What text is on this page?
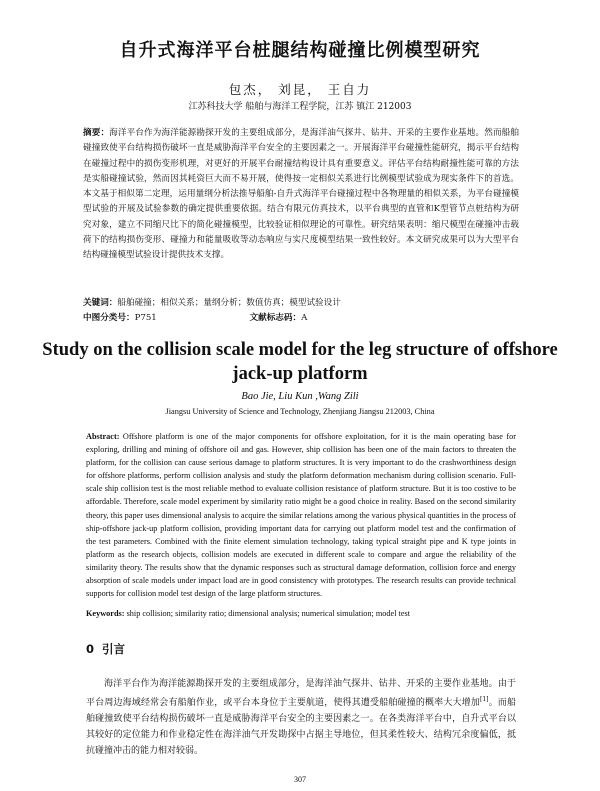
自升式海洋平台桩腿结构碰撞比例模型研究
包杰， 刘昆， 王自力
江苏科技大学 船舶与海洋工程学院，江苏 镇江 212003
摘要：海洋平台作为海洋能源勘探开发的主要组成部分，是海洋油气探井、钻井、开采的主要作业基地。然而船舶碰撞致使平台结构损伤破坏一直是威胁海洋平台安全的主要因素之一。开展海洋平台碰撞性能研究，揭示平台结构在碰撞过程中的损伤变形机理，对更好的开展平台耐撞结构设计具有重要意义。评估平台结构耐撞性能可靠的方法是实船碰撞试验，然而因其耗资巨大而不易开展，使得按一定相似关系进行比例模型试验成为现实条件下的首选。本文基于相似第二定理，运用量纲分析法推导船舶-自升式海洋平台碰撞过程中各物理量的相似关系，为平台碰撞模型试验的开展及试验参数的确定提供重要依据。结合有限元仿真技术，以平台典型的直管和K型管节点桩结构为研究对象，建立不同缩尺比下的简化碰撞模型，比较验证相似理论的可靠性。研究结果表明：缩尺模型在碰撞冲击载荷下的结构损伤变形、碰撞力和能量吸收等动态响应与实尺度模型结果一致性较好。本文研究成果可以为大型平台结构碰撞模型试验设计提供技术支撑。
关键词：船舶碰撞；相似关系；量纲分析；数值仿真；模型试验设计
中图分类号：P751	文献标志码：A
Study on the collision scale model for the leg structure of offshore jack-up platform
Bao Jie, Liu Kun ,Wang Zili
Jiangsu University of Science and Technology, Zhenjiang Jiangsu 212003, China
Abstract: Offshore platform is one of the major components for offshore exploitation, for it is the main operating base for exploring, drilling and mining of offshore oil and gas. However, ship collision has been one of the main factors to threaten the platform, for the collision can cause serious damage to platform structures. It is very important to do the crashworthiness design for offshore platforms, perform collision analysis and study the platform deformation mechanism during collision scenario. Full-scale ship collision test is the most reliable method to evaluate collision resistance of platform structure. But it is too costive to be affordable. Therefore, scale model experiment by similarity ratio might be a good choice in reality. Based on the second similarity theory, this paper uses dimensional analysis to acquire the similar relations among the various physical quantities in the process of ship-offshore jack-up platform collision, providing important data for carrying out platform model test and the confirmation of the test parameters. Combined with the finite element simulation technology, taking typical straight pipe and K type joints in platform as the research objects, collision models are executed in different scale to compare and argue the reliability of the similarity theory. The results show that the dynamic responses such as structural damage deformation, collision force and energy absorption of scale models under impact load are in good consistency with prototypes. The research results can provide technical supports for collision model test design of the large platform structures.
Keywords: ship collision; similarity ratio; dimensional analysis; numerical simulation; model test
0 引言
海洋平台作为海洋能源勘探开发的主要组成部分，是海洋油气探井、钻井、开采的主要作业基地。由于平台周边海域经常会有船舶作业，或平台本身位于主要航道，使得其遭受船舶碰撞的概率大大增加[1]。而船舶碰撞致使平台结构损伤破坏一直是威胁海洋平台安全的主要因素之一。在各类海洋平台中，自升式平台以其较好的定位能力和作业稳定性在海洋油气开发勘探中占据主导地位，但其柔性较大、结构冗余度偏低，抵抗碰撞冲击的能力相对较弱。
307
